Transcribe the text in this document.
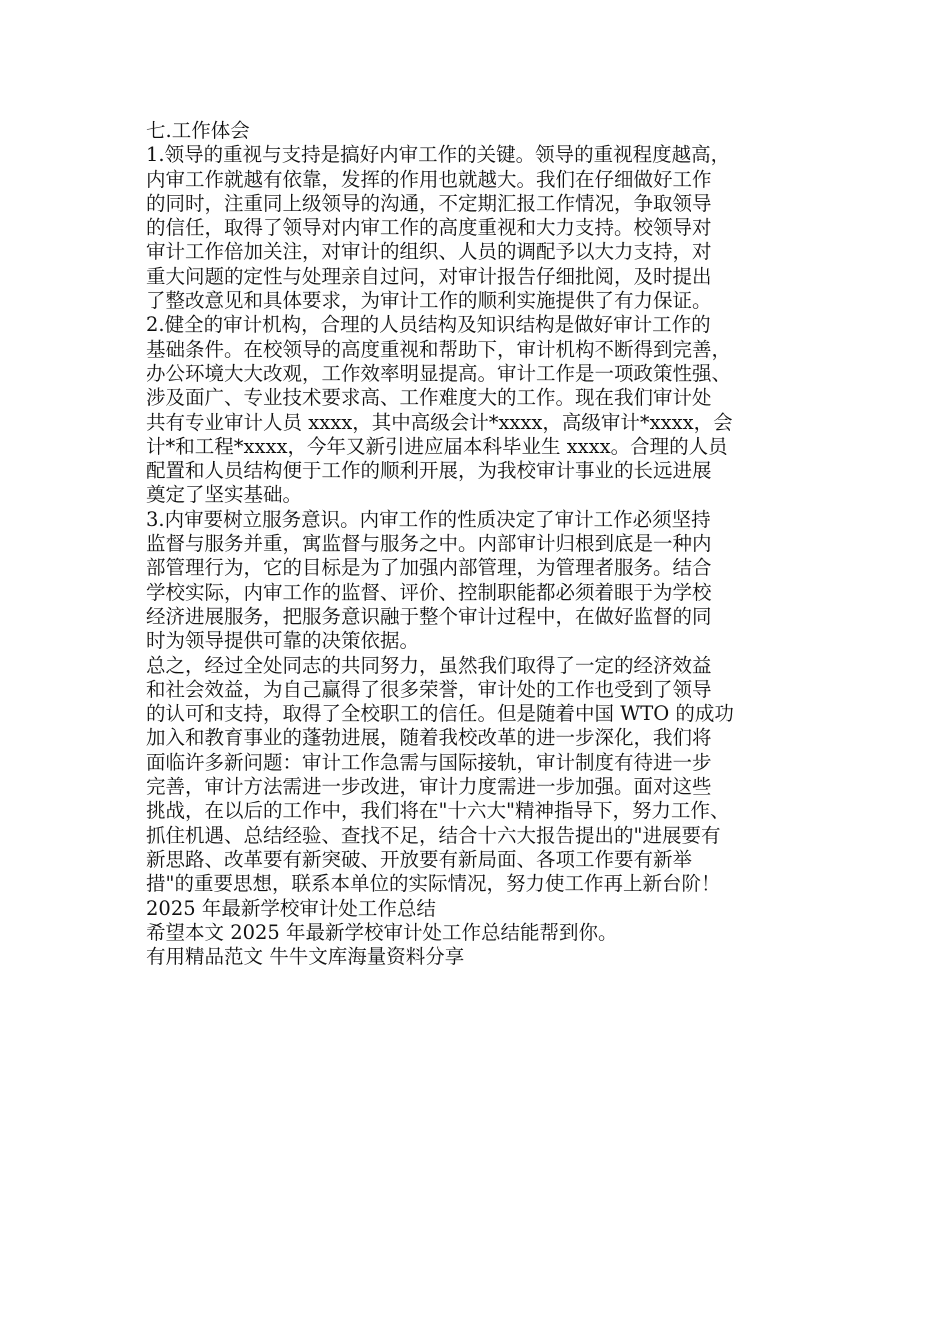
七.工作体会

1.领导的重视与支持是搞好内审工作的关键。领导的重视程度越高，
内审工作就越有依靠，发挥的作用也就越大。我们在仔细做好工作
的同时，注重同上级领导的沟通，不定期汇报工作情况，争取领导
的信任，取得了领导对内审工作的高度重视和大力支持。校领导对
审计工作倍加关注，对审计的组织、人员的调配予以大力支持，对
重大问题的定性与处理亲自过问，对审计报告仔细批阅，及时提出
了整改意见和具体要求，为审计工作的顺利实施提供了有力保证。

2.健全的审计机构，合理的人员结构及知识结构是做好审计工作的
基础条件。在校领导的高度重视和帮助下，审计机构不断得到完善，
办公环境大大改观，工作效率明显提高。审计工作是一项政策性强、
涉及面广、专业技术要求高、工作难度大的工作。现在我们审计处
共有专业审计人员 xxxx，其中高级会计*xxxx，高级审计*xxxx，会
计*和工程*xxxx，今年又新引进应届本科毕业生 xxxx。合理的人员
配置和人员结构便于工作的顺利开展，为我校审计事业的长远进展
奠定了坚实基础。

3.内审要树立服务意识。内审工作的性质决定了审计工作必须坚持
监督与服务并重，寓监督与服务之中。内部审计归根到底是一种内
部管理行为，它的目标是为了加强内部管理，为管理者服务。结合
学校实际，内审工作的监督、评价、控制职能都必须着眼于为学校
经济进展服务，把服务意识融于整个审计过程中，在做好监督的同
时为领导提供可靠的决策依据。

总之，经过全处同志的共同努力，虽然我们取得了一定的经济效益
和社会效益，为自己赢得了很多荣誉，审计处的工作也受到了领导
的认可和支持，取得了全校职工的信任。但是随着中国 WTO 的成功
加入和教育事业的蓬勃进展，随着我校改革的进一步深化，我们将
面临许多新问题：审计工作急需与国际接轨，审计制度有待进一步
完善，审计方法需进一步改进，审计力度需进一步加强。面对这些
挑战，在以后的工作中，我们将在"十六大"精神指导下，努力工作、
抓住机遇、总结经验、查找不足，结合十六大报告提出的"进展要有
新思路、改革要有新突破、开放要有新局面、各项工作要有新举
措"的重要思想，联系本单位的实际情况，努力使工作再上新台阶！

2025 年最新学校审计处工作总结

希望本文 2025 年最新学校审计处工作总结能帮到你。

有用精品范文 牛牛文库海量资料分享
